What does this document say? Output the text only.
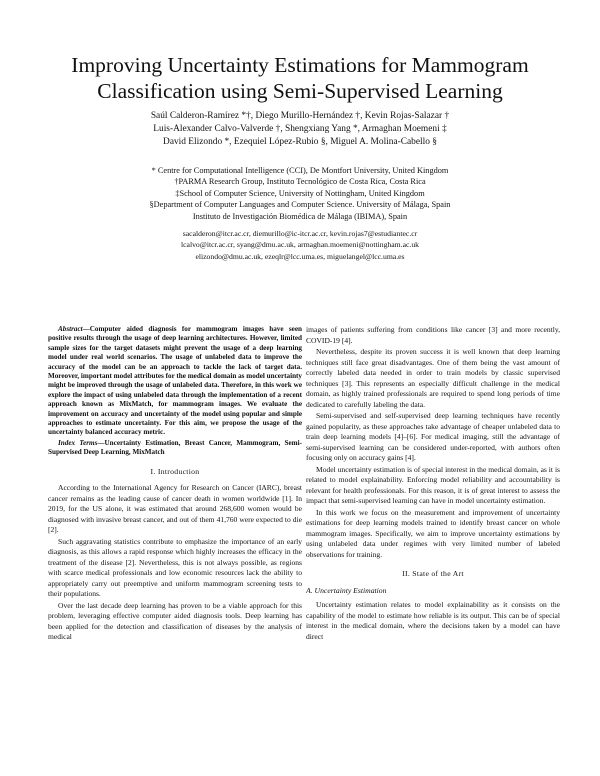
Improving Uncertainty Estimations for Mammogram
Classification using Semi-Supervised Learning
Saúl Calderon-Ramírez *†, Diego Murillo-Hernández †, Kevin Rojas-Salazar †
Luis-Alexander Calvo-Valverde †, Shengxiang Yang *, Armaghan Moemeni ‡
David Elizondo *, Ezequiel López-Rubio §, Miguel A. Molina-Cabello §
* Centre for Computational Intelligence (CCI), De Montfort University, United Kingdom
†PARMA Research Group, Instituto Tecnológico de Costa Rica, Costa Rica
‡School of Computer Science, University of Nottingham, United Kingdom
§Department of Computer Languages and Computer Science. University of Málaga, Spain
Instituto de Investigación Biomédica de Málaga (IBIMA), Spain
sacalderon@itcr.ac.cr, diemurillo@ic-itcr.ac.cr, kevin.rojas7@estudiantec.cr
lcalvo@itcr.ac.cr, syang@dmu.ac.uk, armaghan.moemeni@nottingham.ac.uk
elizondo@dmu.ac.uk, ezeqlr@lcc.uma.es, miguelangel@lcc.uma.es

Abstract—Computer aided diagnosis for mammogram images have seen positive results through the usage of deep learning architectures. However, limited sample sizes for the target datasets might prevent the usage of a deep learning model under real world scenarios. The usage of unlabeled data to improve the accuracy of the model can be an approach to tackle the lack of target data. Moreover, important model attributes for the medical domain as model uncertainty might be improved through the usage of unlabeled data. Therefore, in this work we explore the impact of using unlabeled data through the implementation of a recent approach known as MixMatch, for mammogram images. We evaluate the improvement on accuracy and uncertainty of the model using popular and simple approaches to estimate uncertainty. For this aim, we propose the usage of the uncertainty balanced accuracy metric.

Index Terms—Uncertainty Estimation, Breast Cancer, Mammogram, Semi-Supervised Deep Learning, MixMatch

I. Introduction

According to the International Agency for Research on Cancer (IARC), breast cancer remains as the leading cause of cancer death in women worldwide [1]. In 2019, for the US alone, it was estimated that around 268,600 women would be diagnosed with invasive breast cancer, and out of them 41,760 were expected to die [2].

Such aggravating statistics contribute to emphasize the importance of an early diagnosis, as this allows a rapid response which highly increases the efficacy in the treatment of the disease [2]. Nevertheless, this is not always possible, as regions with scarce medical professionals and low economic resources lack the ability to appropriately carry out preemptive and uniform mammogram screening tests to their populations.

Over the last decade deep learning has proven to be a viable approach for this problem, leveraging effective computer aided diagnosis tools. Deep learning has been applied for the detection and classification of diseases by the analysis of medical

images of patients suffering from conditions like cancer [3] and more recently, COVID-19 [4].

Nevertheless, despite its proven success it is well known that deep learning techniques still face great disadvantages. One of them being the vast amount of correctly labeled data needed in order to train models by classic supervised techniques [3]. This represents an especially difficult challenge in the medical domain, as highly trained professionals are required to spend long periods of time dedicated to carefully labeling the data.

Semi-supervised and self-supervised deep learning techniques have recently gained popularity, as these approaches take advantage of cheaper unlabeled data to train deep learning models [4]–[6]. For medical imaging, still the advantage of semi-supervised learning can be considered under-reported, with authors often focusing only on accuracy gains [4].

Model uncertainty estimation is of special interest in the medical domain, as it is related to model explainability. Enforcing model reliability and accountability is relevant for health professionals. For this reason, it is of great interest to assess the impact that semi-supervised learning can have in model uncertainty estimation.

In this work we focus on the measurement and improvement of uncertainty estimations for deep learning models trained to identify breast cancer on whole mammogram images. Specifically, we aim to improve uncertainty estimations by using unlabeled data under regimes with very limited number of labeled observations for training.

II. State of the Art
A. Uncertainty Estimation

Uncertainty estimation relates to model explainability as it consists on the capability of the model to estimate how reliable is its output. This can be of special interest in the medical domain, where the decisions taken by a model can have direct
